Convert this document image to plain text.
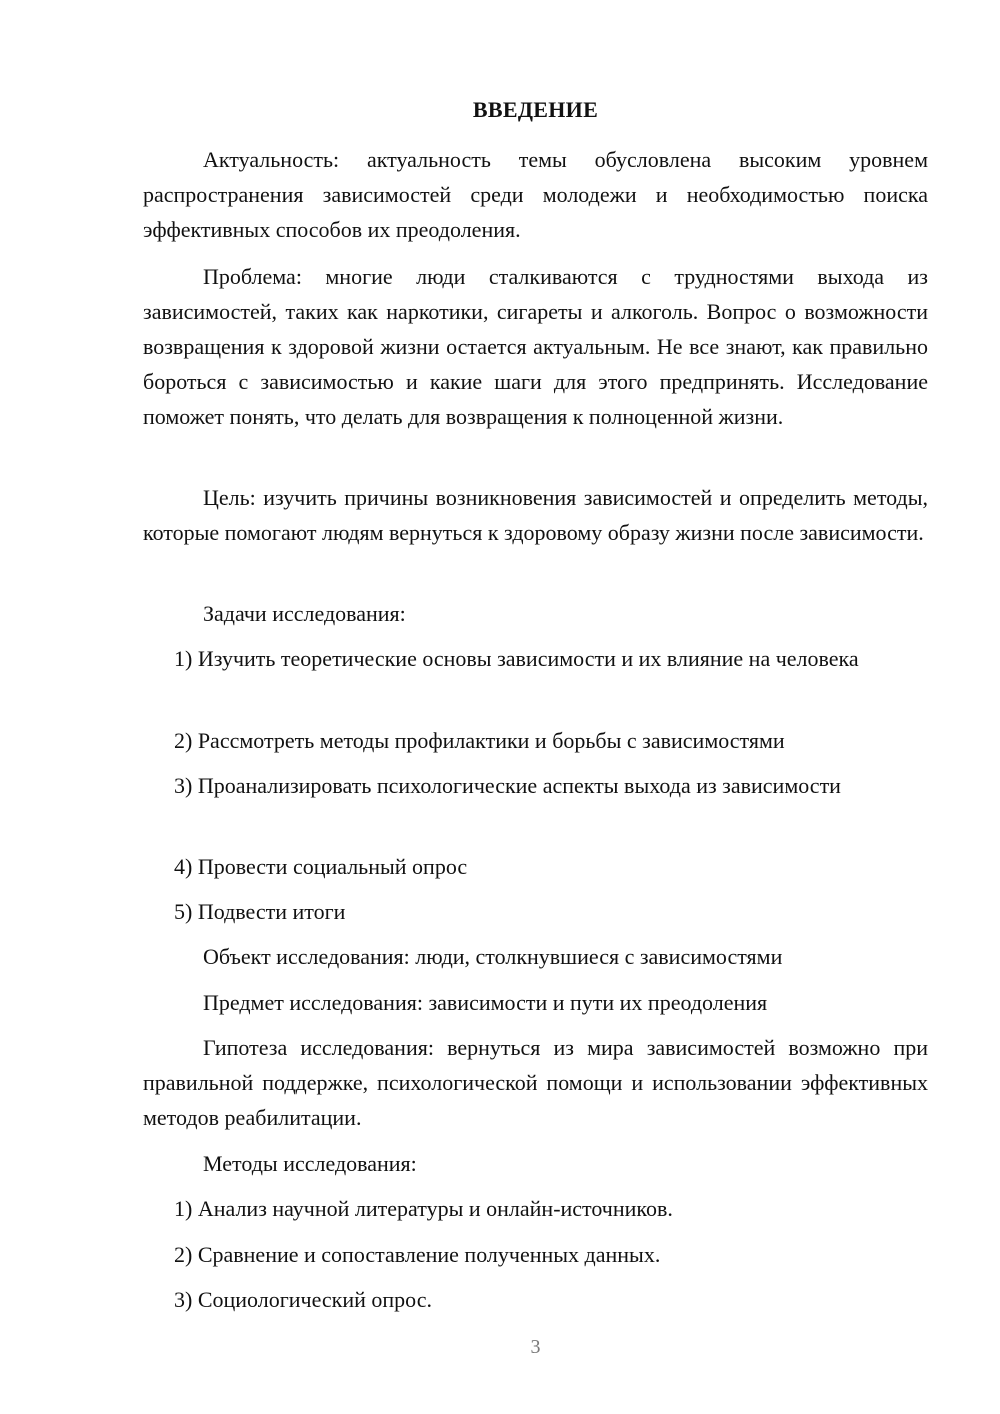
ВВЕДЕНИЕ
Актуальность: актуальность темы обусловлена высоким уровнем распространения зависимостей среди молодежи и необходимостью поиска эффективных способов их преодоления.
Проблема: многие люди сталкиваются с трудностями выхода из зависимостей, таких как наркотики, сигареты и алкоголь. Вопрос о возможности возвращения к здоровой жизни остается актуальным. Не все знают, как правильно бороться с зависимостью и какие шаги для этого предпринять. Исследование поможет понять, что делать для возвращения к полноценной жизни.
Цель: изучить причины возникновения зависимостей и определить методы, которые помогают людям вернуться к здоровому образу жизни после зависимости.
Задачи исследования:
1) Изучить теоретические основы зависимости и их влияние на человека
2) Рассмотреть методы профилактики и борьбы с зависимостями
3) Проанализировать психологические аспекты выхода из зависимости
4) Провести социальный опрос
5) Подвести итоги
Объект исследования: люди, столкнувшиеся с зависимостями
Предмет исследования: зависимости и пути их преодоления
Гипотеза исследования: вернуться из мира зависимостей возможно при правильной поддержке, психологической помощи и использовании эффективных методов реабилитации.
Методы исследования:
1) Анализ научной литературы и онлайн-источников.
2) Сравнение и сопоставление полученных данных.
3) Социологический опрос.
3
